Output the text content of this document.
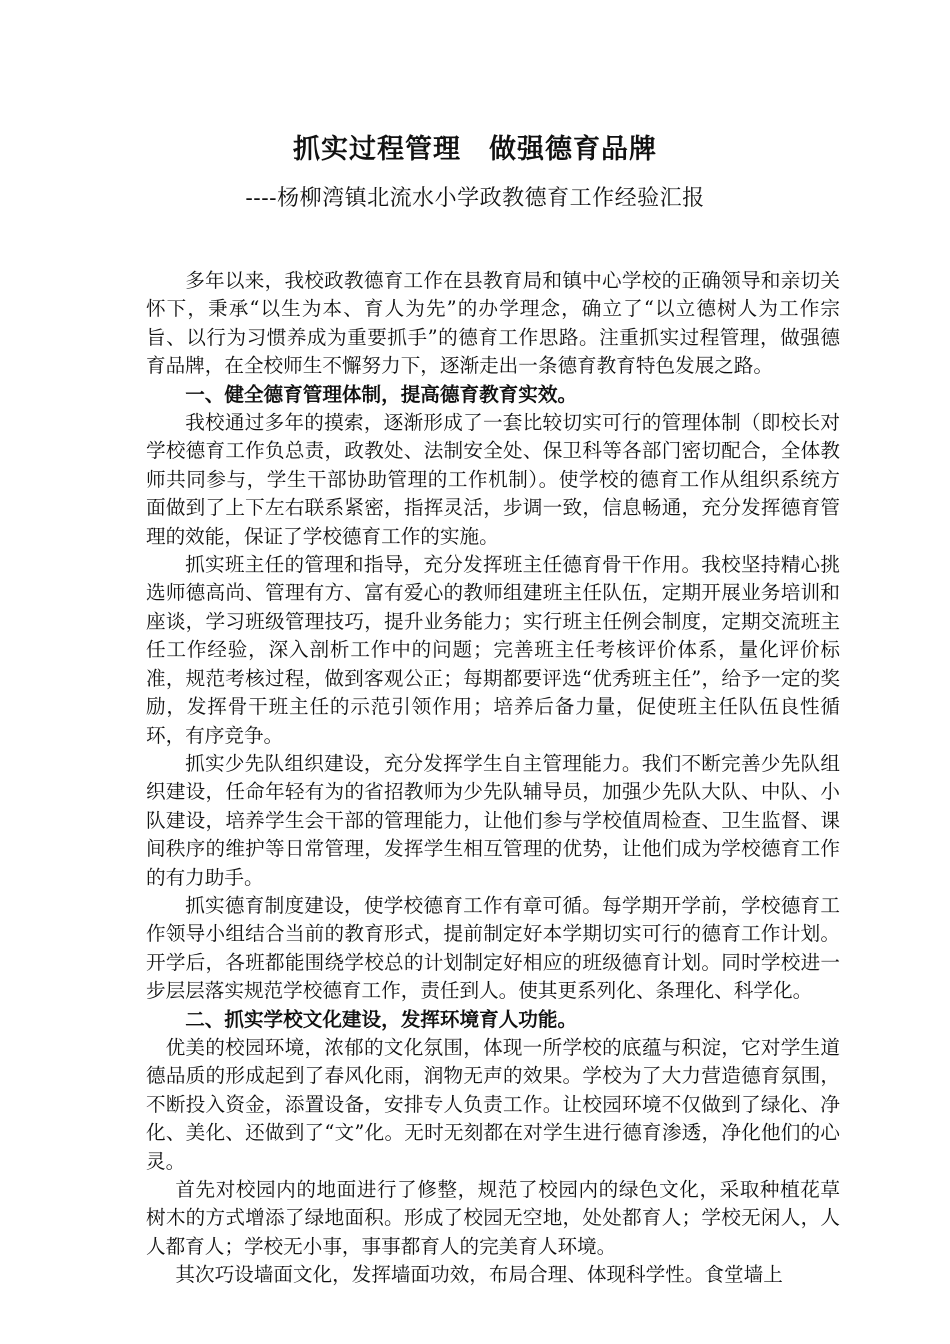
抓实过程管理　做强德育品牌
----杨柳湾镇北流水小学政教德育工作经验汇报

多年以来，我校政教德育工作在县教育局和镇中心学校的正确领导和亲切关怀下，秉承“以生为本、育人为先”的办学理念，确立了“以立德树人为工作宗旨、以行为习惯养成为重要抓手”的德育工作思路。注重抓实过程管理，做强德育品牌，在全校师生不懈努力下，逐渐走出一条德育教育特色发展之路。

一、健全德育管理体制，提高德育教育实效。

我校通过多年的摸索，逐渐形成了一套比较切实可行的管理体制（即校长对学校德育工作负总责，政教处、法制安全处、保卫科等各部门密切配合，全体教师共同参与，学生干部协助管理的工作机制）。使学校的德育工作从组织系统方面做到了上下左右联系紧密，指挥灵活，步调一致，信息畅通，充分发挥德育管理的效能，保证了学校德育工作的实施。

抓实班主任的管理和指导，充分发挥班主任德育骨干作用。我校坚持精心挑选师德高尚、管理有方、富有爱心的教师组建班主任队伍，定期开展业务培训和座谈，学习班级管理技巧，提升业务能力；实行班主任例会制度，定期交流班主任工作经验，深入剖析工作中的问题；完善班主任考核评价体系，量化评价标准，规范考核过程，做到客观公正；每期都要评选“优秀班主任”，给予一定的奖励，发挥骨干班主任的示范引领作用；培养后备力量，促使班主任队伍良性循环，有序竞争。

抓实少先队组织建设，充分发挥学生自主管理能力。我们不断完善少先队组织建设，任命年轻有为的省招教师为少先队辅导员，加强少先队大队、中队、小队建设，培养学生会干部的管理能力，让他们参与学校值周检查、卫生监督、课间秩序的维护等日常管理，发挥学生相互管理的优势，让他们成为学校德育工作的有力助手。

抓实德育制度建设，使学校德育工作有章可循。每学期开学前，学校德育工作领导小组结合当前的教育形式，提前制定好本学期切实可行的德育工作计划。开学后，各班都能围绕学校总的计划制定好相应的班级德育计划。同时学校进一步层层落实规范学校德育工作，责任到人。使其更系列化、条理化、科学化。

二、抓实学校文化建设，发挥环境育人功能。

优美的校园环境，浓郁的文化氛围，体现一所学校的底蕴与积淀，它对学生道德品质的形成起到了春风化雨，润物无声的效果。学校为了大力营造德育氛围，不断投入资金，添置设备，安排专人负责工作。让校园环境不仅做到了绿化、净化、美化、还做到了“文”化。无时无刻都在对学生进行德育渗透，净化他们的心灵。

首先对校园内的地面进行了修整，规范了校园内的绿色文化，采取种植花草树木的方式增添了绿地面积。形成了校园无空地，处处都育人；学校无闲人，人人都育人；学校无小事，事事都育人的完美育人环境。

其次巧设墙面文化，发挥墙面功效，布局合理、体现科学性。食堂墙上
